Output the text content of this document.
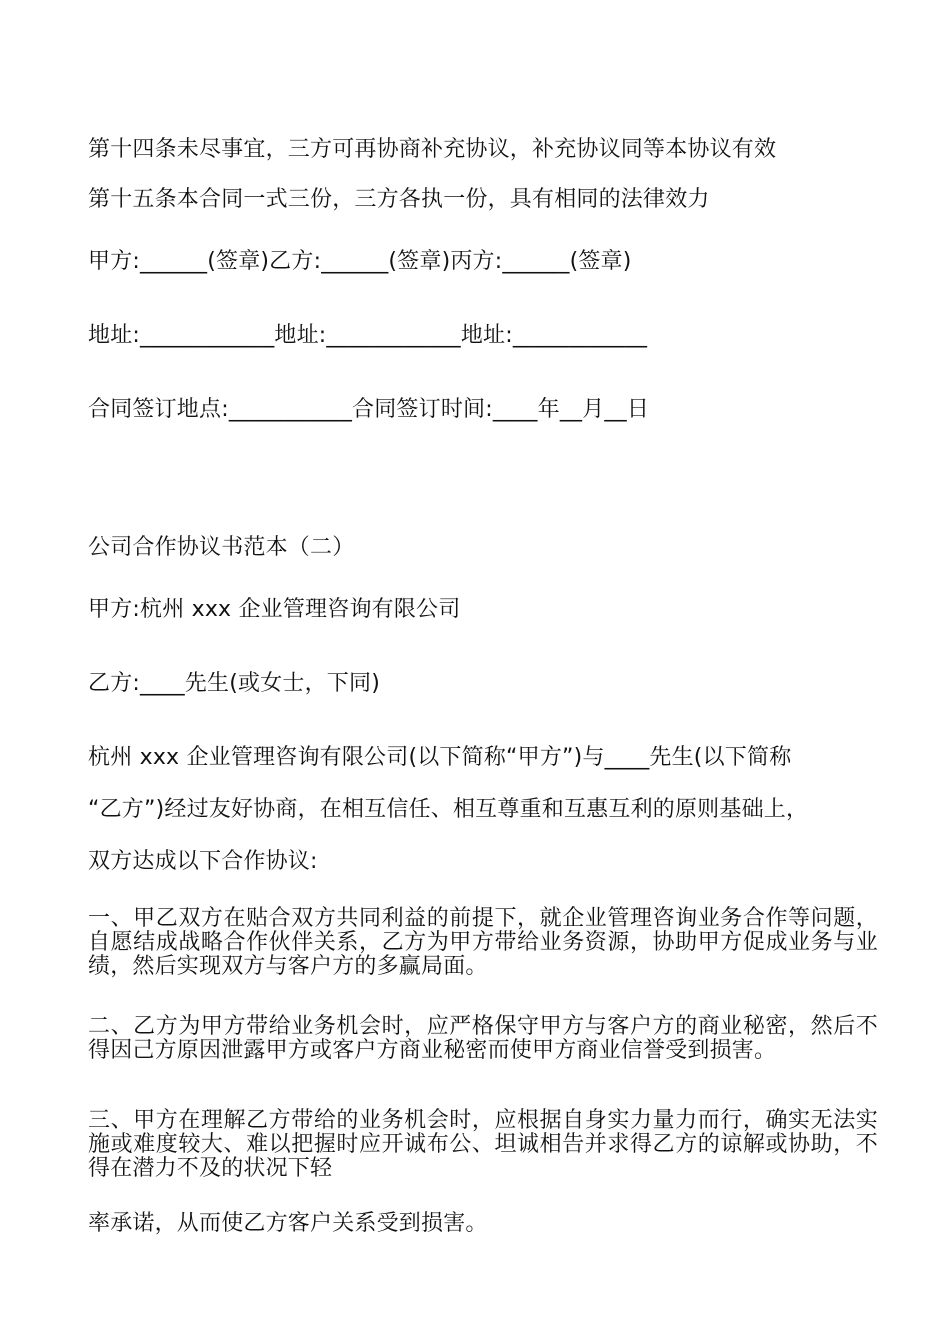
第十四条未尽事宜，三方可再协商补充协议，补充协议同等本协议有效
第十五条本合同一式三份，三方各执一份，具有相同的法律效力
甲方:______(签章)乙方:______(签章)丙方:______(签章)
地址:____________地址:____________地址:____________
合同签订地点:___________合同签订时间:____年__月__日
公司合作协议书范本（二）
甲方:杭州 xxx 企业管理咨询有限公司
乙方:____先生(或女士，下同)
杭州 xxx 企业管理咨询有限公司(以下简称“甲方”)与____先生(以下简称
“乙方”)经过友好协商，在相互信任、相互尊重和互惠互利的原则基础上，
双方达成以下合作协议:
一、甲乙双方在贴合双方共同利益的前提下，就企业管理咨询业务合作等问题，自愿结成战略合作伙伴关系，乙方为甲方带给业务资源，协助甲方促成业务与业绩，然后实现双方与客户方的多赢局面。
二、乙方为甲方带给业务机会时，应严格保守甲方与客户方的商业秘密，然后不得因己方原因泄露甲方或客户方商业秘密而使甲方商业信誉受到损害。
三、甲方在理解乙方带给的业务机会时，应根据自身实力量力而行，确实无法实施或难度较大、难以把握时应开诚布公、坦诚相告并求得乙方的谅解或协助，不得在潜力不及的状况下轻
率承诺，从而使乙方客户关系受到损害。
